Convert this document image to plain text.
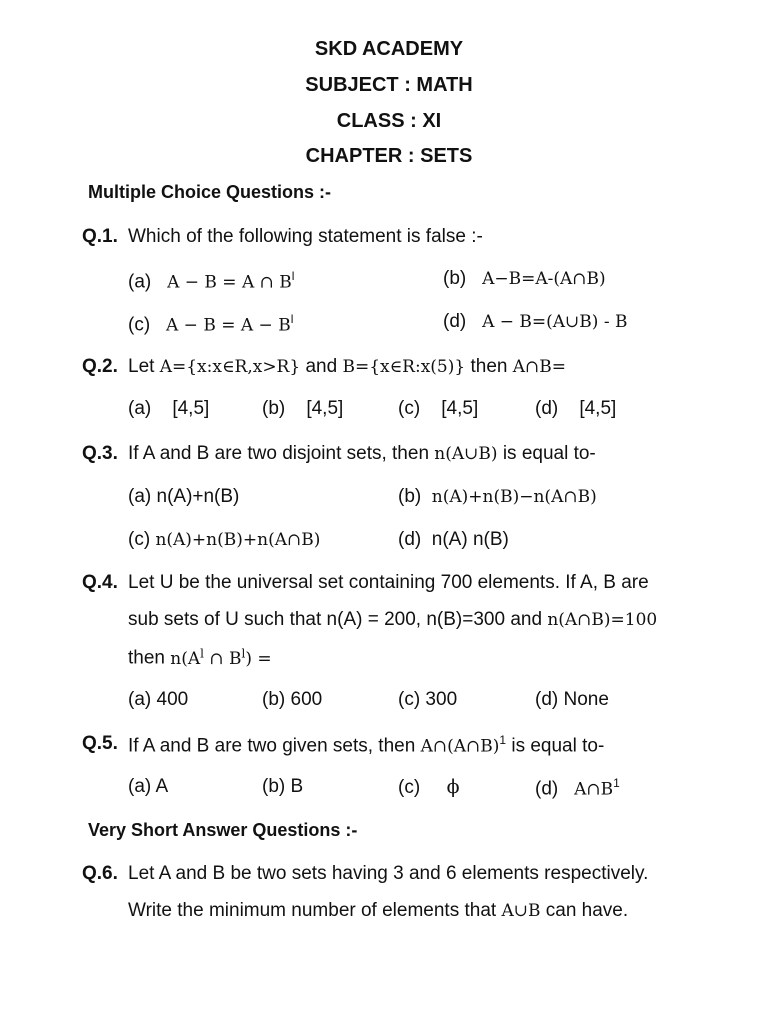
SKD ACADEMY
SUBJECT : MATH
CLASS : XI
CHAPTER : SETS
Multiple Choice Questions :-
Q.1. Which of the following statement is false :-
(a) A − B = A ∩ $B^l$	(b) A−B=A-(A∩B)
(c) $A - B = A - B^l$	(d) A − B=(A∪B) - B
Q.2. Let A={x:x∈R,x>R} and B={x∈R:x(5)} then A∩B=
(a)    [4,5]	(b)    [4,5]	(c)    [4,5]	(d)    [4,5]
Q.3. If A and B are two disjoint sets, then n(A∪B) is equal to-
(a) n(A)+n(B)	(b) n(A)+n(B)−n(A∩B)
(c) n(A)+n(B)+n(A∩B)	(d)  n(A) n(B)
Q.4. Let U be the universal set containing 700 elements. If A, B are
sub sets of U such that n(A) = 200, n(B)=300 and n(A∩B)=100
then $n(A^l$ ∩ $B^l$) =
(a) 400	(b) 600	(c) 300	(d) None
Q.5. If A and B are two given sets, then A∩(A∩B)$^1$ is equal to-
(a) A	(b) B	(c) ϕ	(d) $A\cap B^1$
Very Short Answer Questions :-
Q.6. Let A and B be two sets having 3 and 6 elements respectively.
Write the minimum number of elements that A∪B can have.
